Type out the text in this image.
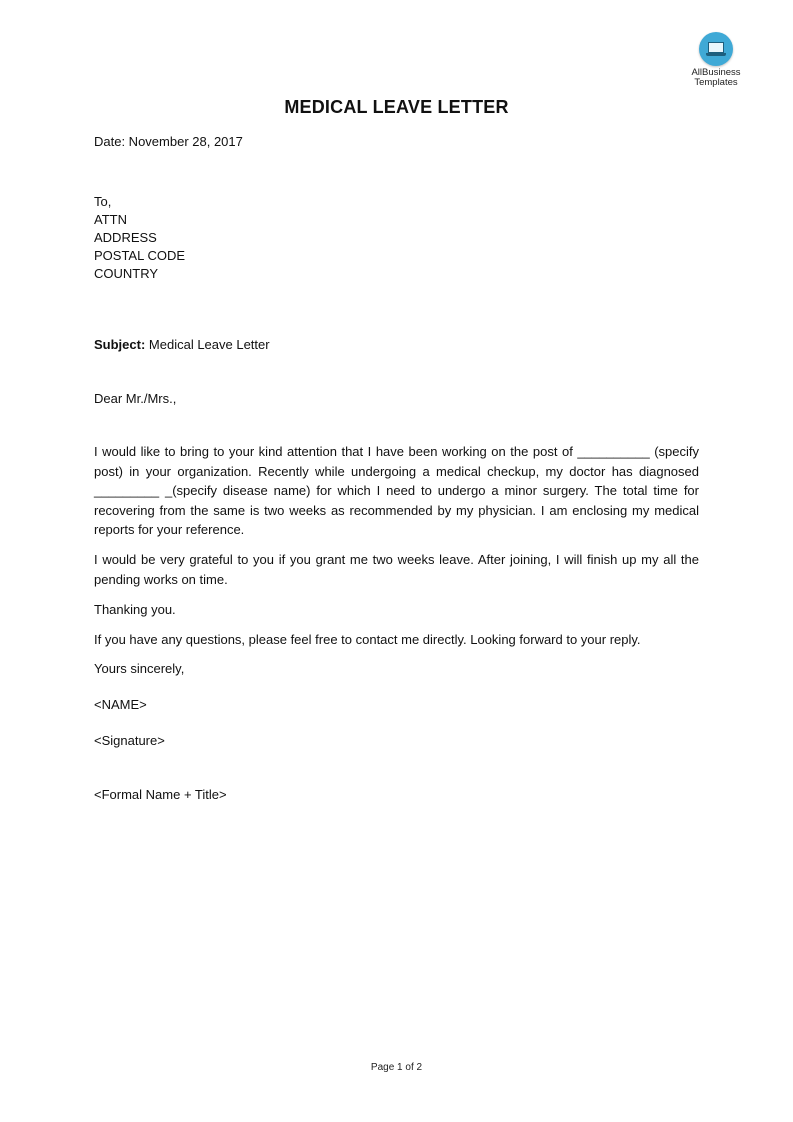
AllBusiness
Templates
MEDICAL LEAVE LETTER
Date: November 28, 2017
To,
ATTN
ADDRESS
POSTAL CODE
COUNTRY
Subject: Medical Leave Letter
Dear Mr./Mrs.,
I would like to bring to your kind attention that I have been working on the post of __________ (specify post) in your organization. Recently while undergoing a medical checkup, my doctor has diagnosed _________ _(specify disease name) for which I need to undergo a minor surgery. The total time for recovering from the same is two weeks as recommended by my physician. I am enclosing my medical reports for your reference.
I would be very grateful to you if you grant me two weeks leave. After joining, I will finish up my all the pending works on time.
Thanking you.
If you have any questions, please feel free to contact me directly. Looking forward to your reply.
Yours sincerely,
<NAME>
<Signature>
<Formal Name + Title>
Page 1 of 2
